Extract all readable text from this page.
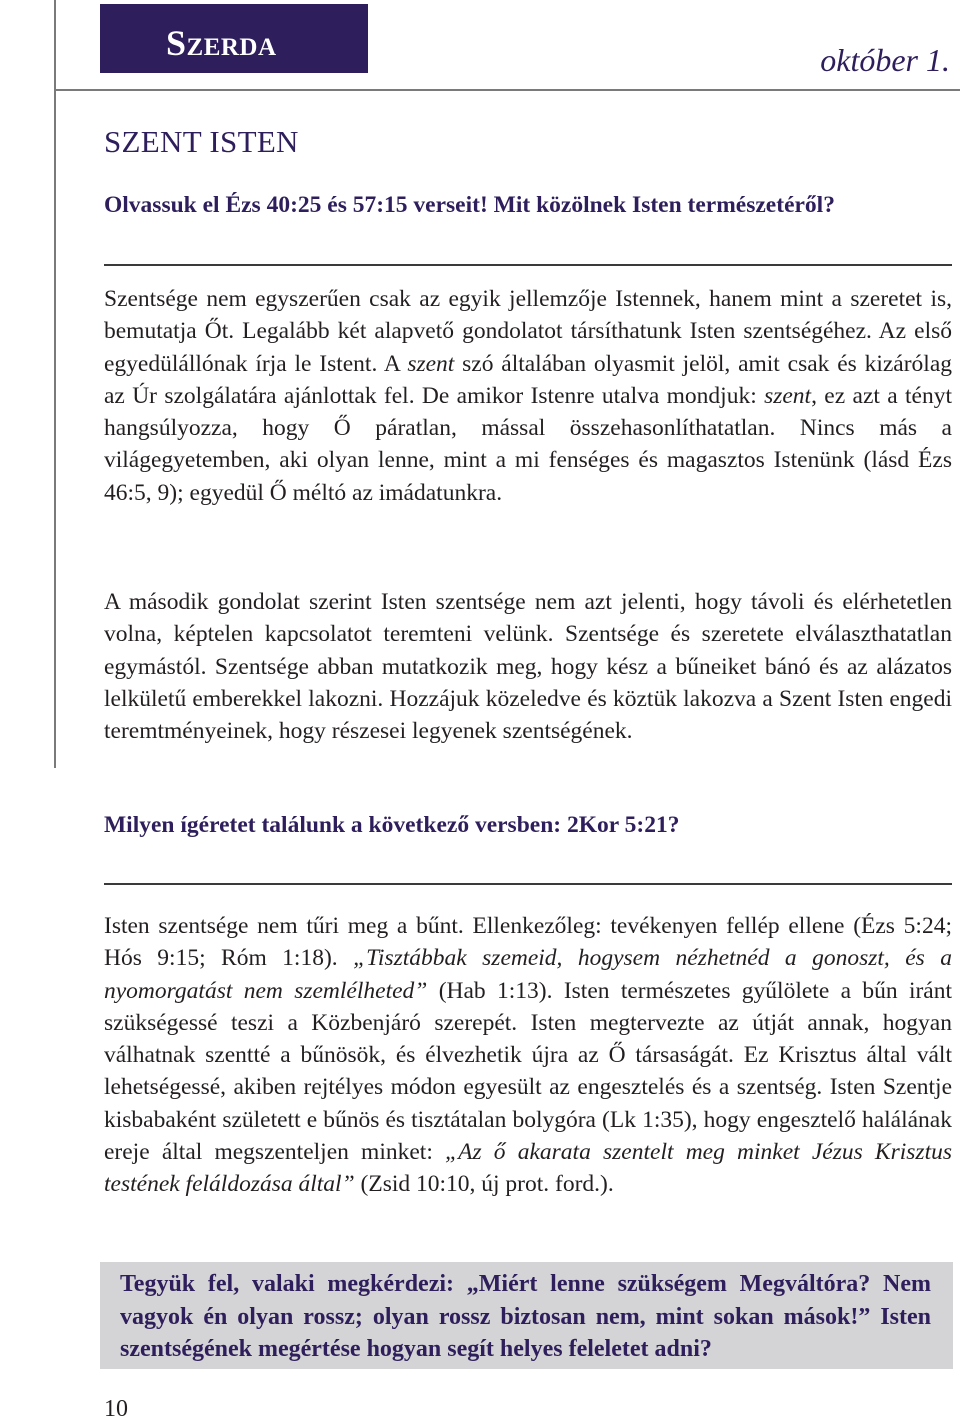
Szerda	október 1.
SZENT ISTEN
Olvassuk el Ézs 40:25 és 57:15 verseit! Mit közölnek Isten természetéről?

Szentsége nem egyszerűen csak az egyik jellemzője Istennek, hanem mint a szeretet is, bemutatja Őt. Legalább két alapvető gondolatot társíthatunk Isten szentségéhez. Az első egyedülállónak írja le Istent. A szent szó általában olyasmit jelöl, amit csak és kizárólag az Úr szolgálatára ajánlottak fel. De amikor Istenre utalva mondjuk: szent, ez azt a tényt hangsúlyozza, hogy Ő páratlan, mással összehasonlíthatatlan. Nincs más a világegyetemben, aki olyan lenne, mint a mi fenséges és magasztos Istenünk (lásd Ézs 46:5, 9); egyedül Ő méltó az imádatunkra.

A második gondolat szerint Isten szentsége nem azt jelenti, hogy távoli és elérhetetlen volna, képtelen kapcsolatot teremteni velünk. Szentsége és szeretete elválaszthatatlan egymástól. Szentsége abban mutatkozik meg, hogy kész a bűneiket bánó és az alázatos lelkületű emberekkel lakozni. Hozzájuk közeledve és köztük lakozva a Szent Isten engedi teremtményeinek, hogy részesei legyenek szentségének.

Milyen ígéretet találunk a következő versben: 2Kor 5:21?

Isten szentsége nem tűri meg a bűnt. Ellenkezőleg: tevékenyen fellép ellene (Ézs 5:24; Hós 9:15; Róm 1:18). „Tisztábbak szemeid, hogysem nézhetnéd a gonoszt, és a nyomorgatást nem szemlélheted” (Hab 1:13). Isten természetes gyűlölete a bűn iránt szükségessé teszi a Közbenjáró szerepét. Isten megtervezte az útját annak, hogyan válhatnak szentté a bűnösök, és élvezhetik újra az Ő társaságát. Ez Krisztus által vált lehetségessé, akiben rejtélyes módon egyesült az engesztelés és a szentség. Isten Szentje kisbabaként született e bűnös és tisztátalan bolygóra (Lk 1:35), hogy engesztelő halálának ereje által megszenteljen minket: „Az ő akarata szentelt meg minket Jézus Krisztus testének feláldozása által” (Zsid 10:10, új prot. ford.).

Tegyük fel, valaki megkérdezi: „Miért lenne szükségem Megváltóra? Nem vagyok én olyan rossz; olyan rossz biztosan nem, mint sokan mások!” Isten szentségének megértése hogyan segít helyes feleletet adni?

10
